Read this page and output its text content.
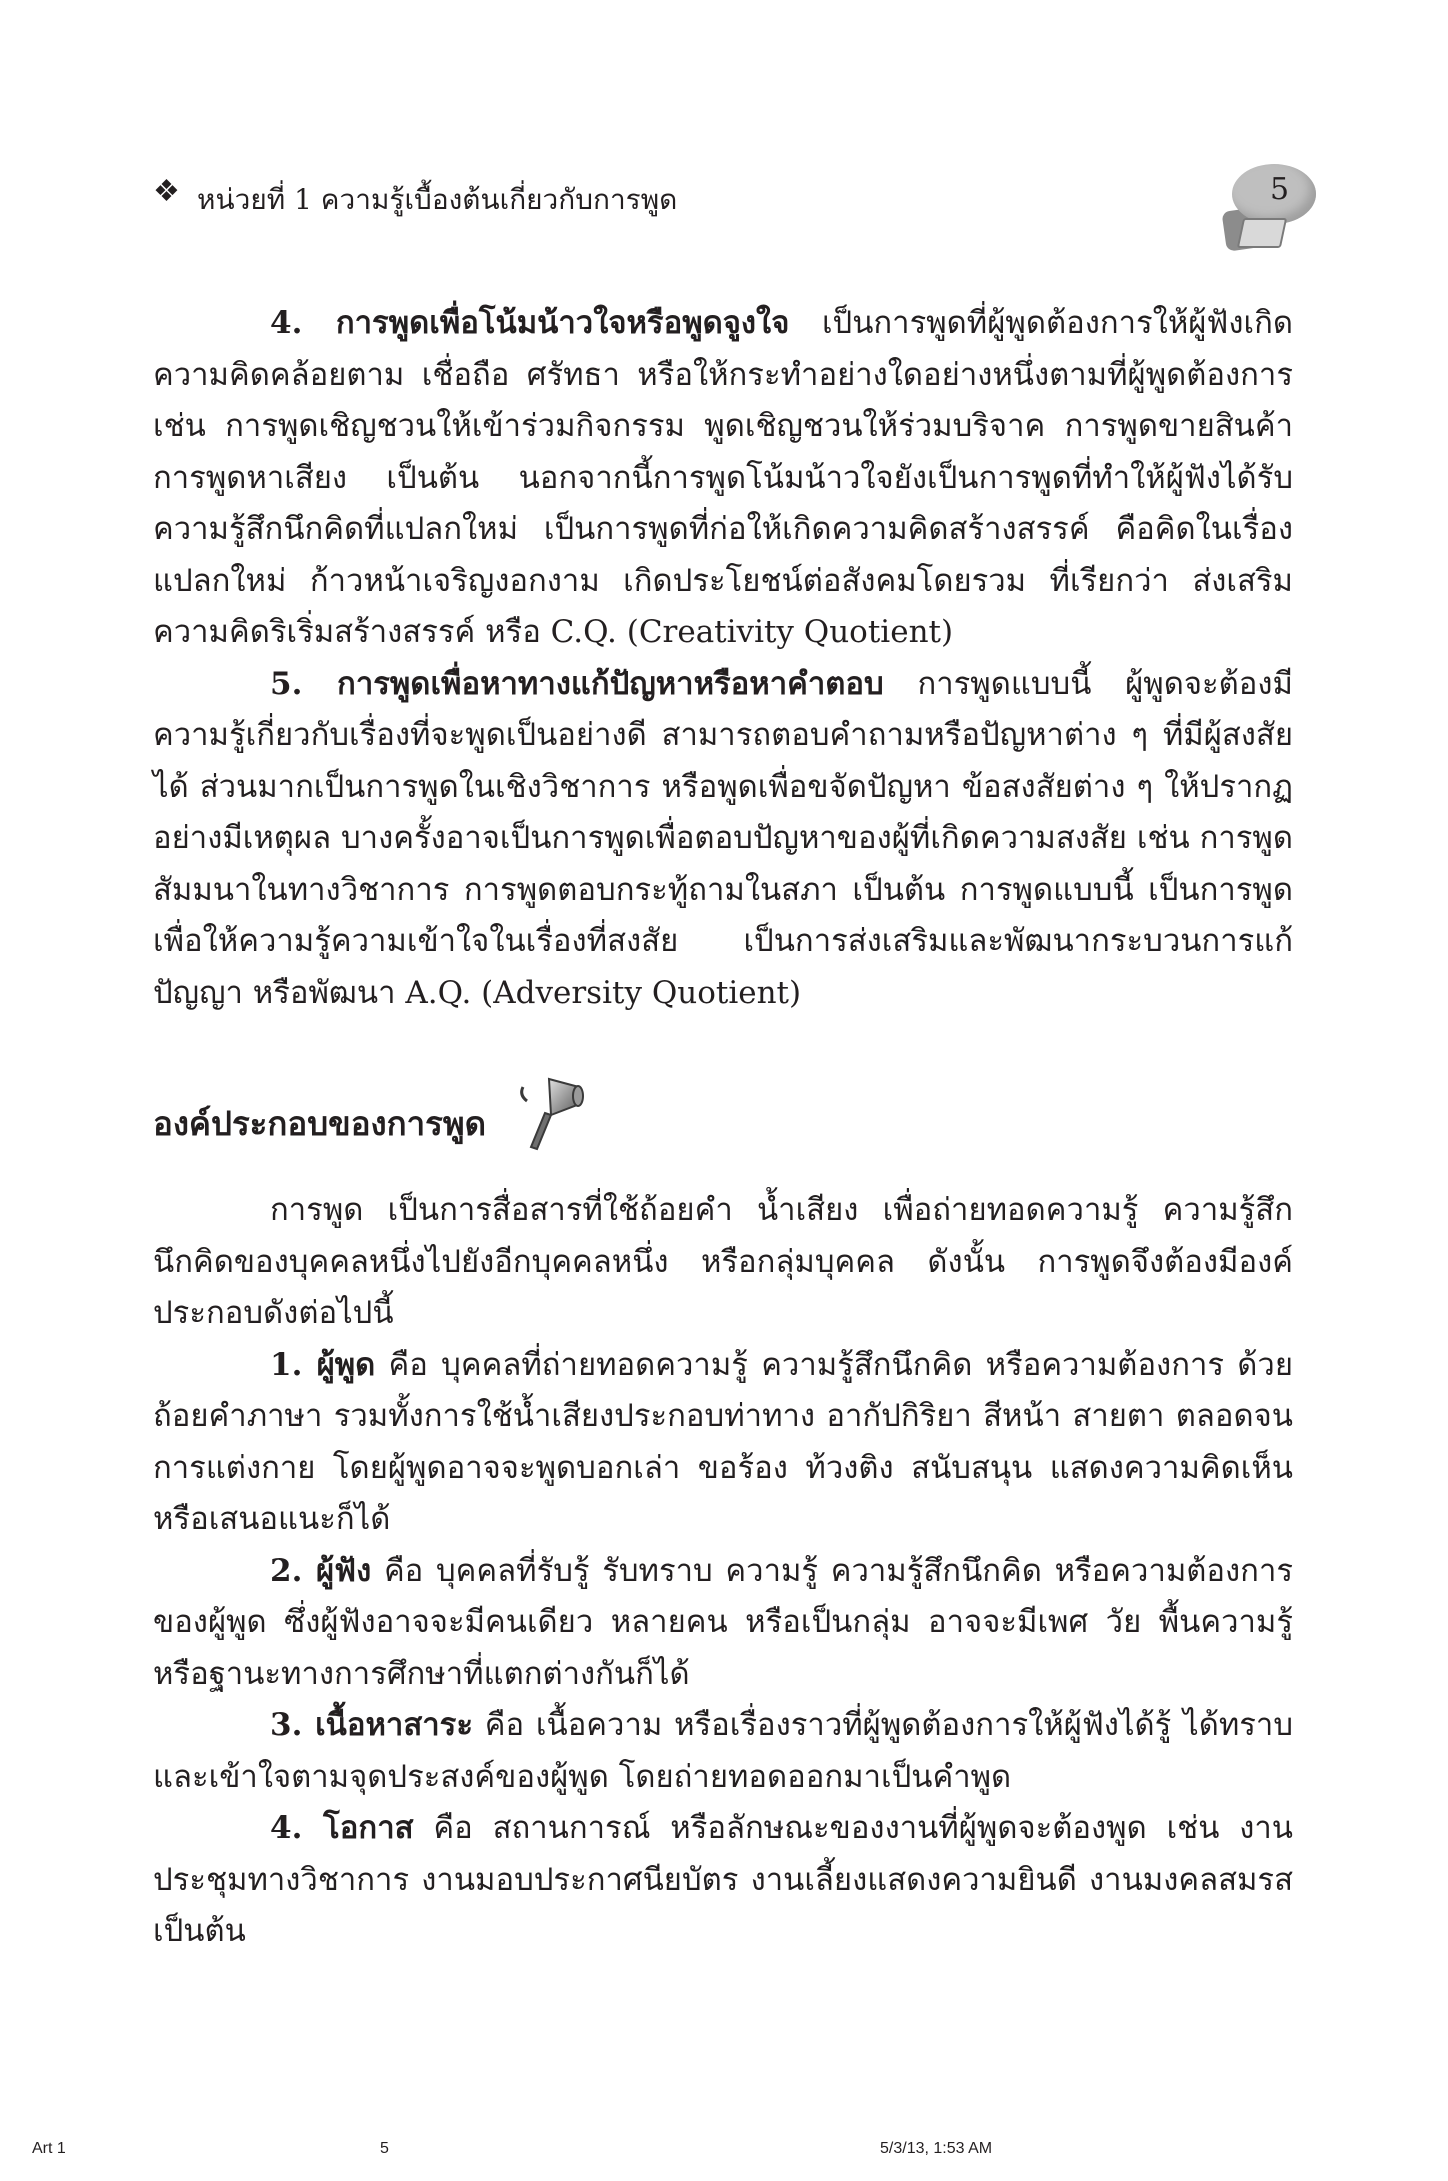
❖ หน่วยที่ 1 ความรู้เบื้องต้นเกี่ยวกับการพูด	5

4. การพูดเพื่อโน้มน้าวใจหรือพูดจูงใจ เป็นการพูดที่ผู้พูดต้องการให้ผู้ฟังเกิดความคิดคล้อยตาม เชื่อถือ ศรัทธา หรือให้กระทำอย่างใดอย่างหนึ่งตามที่ผู้พูดต้องการ เช่น การพูดเชิญชวนให้เข้าร่วมกิจกรรม พูดเชิญชวนให้ร่วมบริจาค การพูดขายสินค้า การพูดหาเสียง เป็นต้น นอกจากนี้การพูดโน้มน้าวใจยังเป็นการพูดที่ทำให้ผู้ฟังได้รับความรู้สึกนึกคิดที่แปลกใหม่ เป็นการพูดที่ก่อให้เกิดความคิดสร้างสรรค์ คือคิดในเรื่องแปลกใหม่ ก้าวหน้าเจริญงอกงาม เกิดประโยชน์ต่อสังคมโดยรวม ที่เรียกว่า ส่งเสริมความคิดริเริ่มสร้างสรรค์ หรือ C.Q. (Creativity Quotient)

5. การพูดเพื่อหาทางแก้ปัญหาหรือหาคำตอบ การพูดแบบนี้ ผู้พูดจะต้องมีความรู้เกี่ยวกับเรื่องที่จะพูดเป็นอย่างดี สามารถตอบคำถามหรือปัญหาต่าง ๆ ที่มีผู้สงสัยได้ ส่วนมากเป็นการพูดในเชิงวิชาการ หรือพูดเพื่อขจัดปัญหา ข้อสงสัยต่าง ๆ ให้ปรากฏอย่างมีเหตุผล บางครั้งอาจเป็นการพูดเพื่อตอบปัญหาของผู้ที่เกิดความสงสัย เช่น การพูดสัมมนาในทางวิชาการ การพูดตอบกระทู้ถามในสภา เป็นต้น การพูดแบบนี้ เป็นการพูดเพื่อให้ความรู้ความเข้าใจในเรื่องที่สงสัย เป็นการส่งเสริมและพัฒนากระบวนการแก้ปัญญา หรือพัฒนา A.Q. (Adversity Quotient)

องค์ประกอบของการพูด

การพูด เป็นการสื่อสารที่ใช้ถ้อยคำ น้ำเสียง เพื่อถ่ายทอดความรู้ ความรู้สึกนึกคิดของบุคคลหนึ่งไปยังอีกบุคคลหนึ่ง หรือกลุ่มบุคคล ดังนั้น การพูดจึงต้องมีองค์ประกอบดังต่อไปนี้

1. ผู้พูด คือ บุคคลที่ถ่ายทอดความรู้ ความรู้สึกนึกคิด หรือความต้องการ ด้วยถ้อยคำภาษา รวมทั้งการใช้น้ำเสียงประกอบท่าทาง อากัปกิริยา สีหน้า สายตา ตลอดจนการแต่งกาย โดยผู้พูดอาจจะพูดบอกเล่า ขอร้อง ท้วงติง สนับสนุน แสดงความคิดเห็น หรือเสนอแนะก็ได้

2. ผู้ฟัง คือ บุคคลที่รับรู้ รับทราบ ความรู้ ความรู้สึกนึกคิด หรือความต้องการของผู้พูด ซึ่งผู้ฟังอาจจะมีคนเดียว หลายคน หรือเป็นกลุ่ม อาจจะมีเพศ วัย พื้นความรู้ หรือฐานะทางการศึกษาที่แตกต่างกันก็ได้

3. เนื้อหาสาระ คือ เนื้อความ หรือเรื่องราวที่ผู้พูดต้องการให้ผู้ฟังได้รู้ ได้ทราบและเข้าใจตามจุดประสงค์ของผู้พูด โดยถ่ายทอดออกมาเป็นคำพูด

4. โอกาส คือ สถานการณ์ หรือลักษณะของงานที่ผู้พูดจะต้องพูด เช่น งานประชุมทางวิชาการ งานมอบประกาศนียบัตร งานเลี้ยงแสดงความยินดี งานมงคลสมรส เป็นต้น

Art 1	5	5/3/13, 1:53 AM
